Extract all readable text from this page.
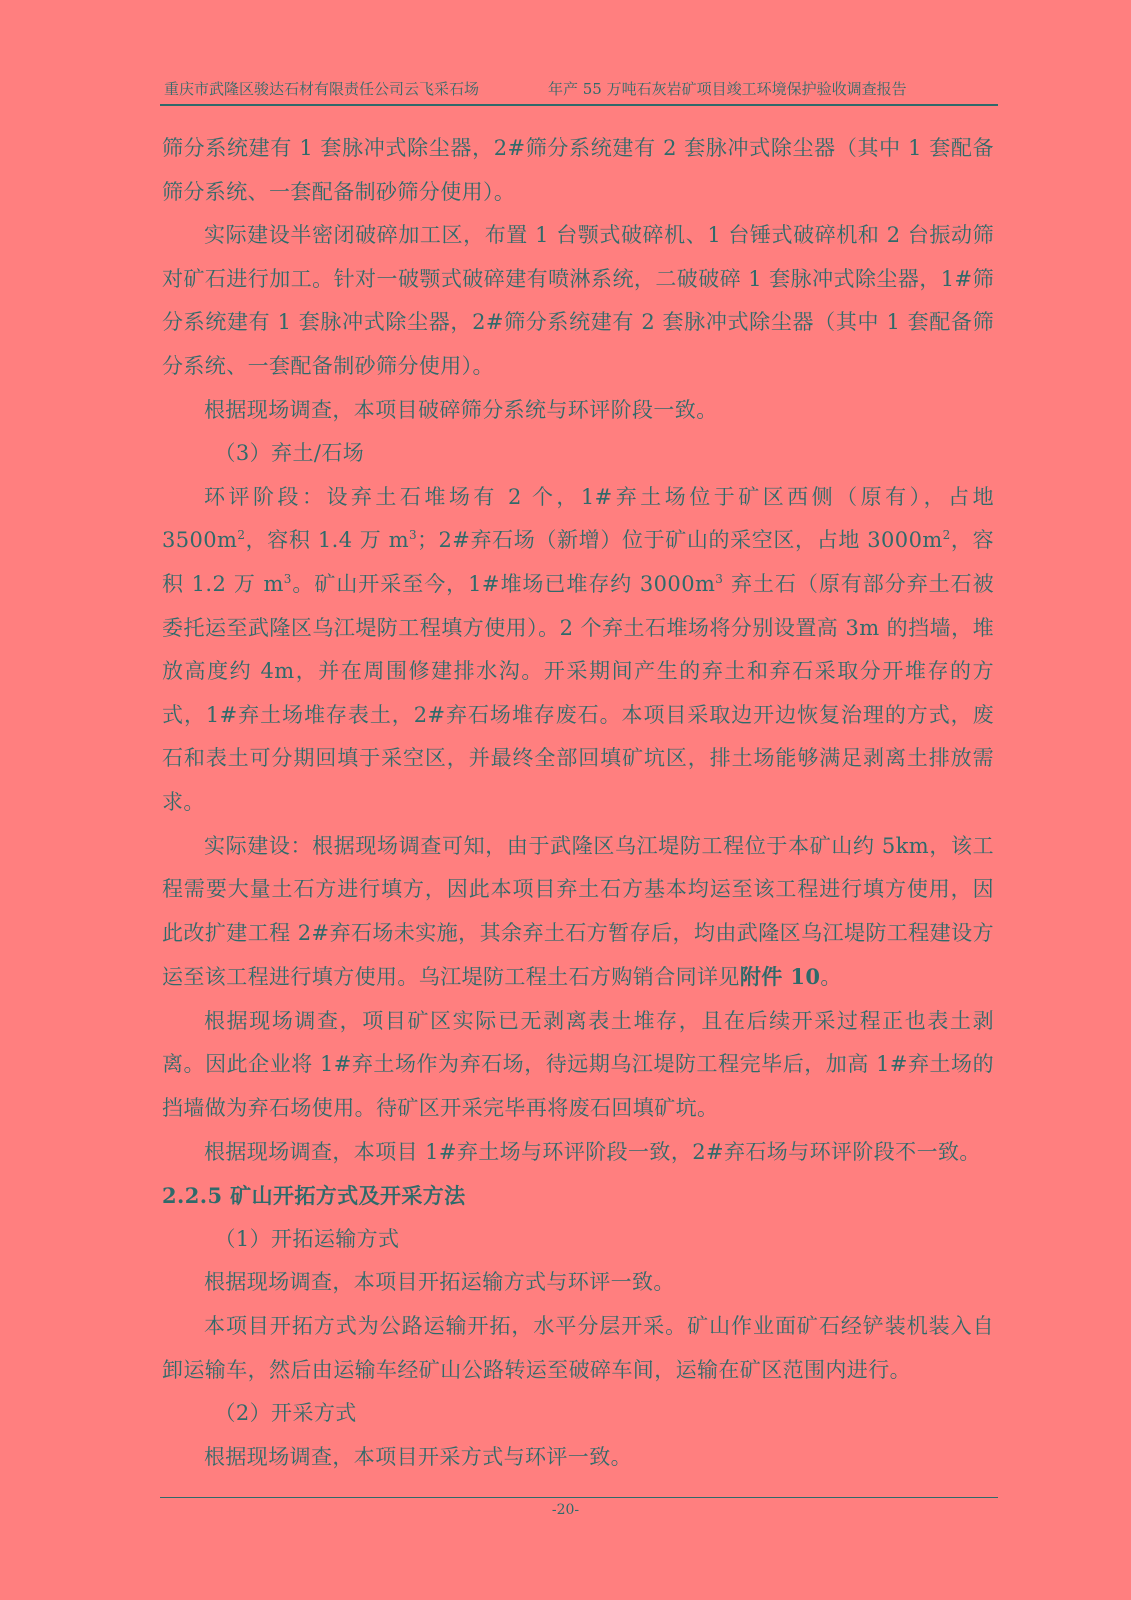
重庆市武隆区骏达石材有限责任公司云飞采石场	年产 55 万吨石灰岩矿项目竣工环境保护验收调查报告

筛分系统建有 1 套脉冲式除尘器，2#筛分系统建有 2 套脉冲式除尘器（其中 1 套配备筛分系统、一套配备制砂筛分使用）。

实际建设半密闭破碎加工区，布置 1 台颚式破碎机、1 台锤式破碎机和 2 台振动筛对矿石进行加工。针对一破颚式破碎建有喷淋系统，二破破碎 1 套脉冲式除尘器，1#筛分系统建有 1 套脉冲式除尘器，2#筛分系统建有 2 套脉冲式除尘器（其中 1 套配备筛分系统、一套配备制砂筛分使用）。

根据现场调查，本项目破碎筛分系统与环评阶段一致。

（3）弃土/石场

环评阶段：设弃土石堆场有 2 个，1#弃土场位于矿区西侧（原有），占地 $3500m^2$，容积 1.4 万 $m^3$；2#弃石场（新增）位于矿山的采空区，占地 $3000m^2$，容积 1.2 万 $m^3$。矿山开采至今，1#堆场已堆存约 $3000m^3$ 弃土石（原有部分弃土石被委托运至武隆区乌江堤防工程填方使用）。2 个弃土石堆场将分别设置高 3m 的挡墙，堆放高度约 4m，并在周围修建排水沟。开采期间产生的弃土和弃石采取分开堆存的方式，1#弃土场堆存表土，2#弃石场堆存废石。本项目采取边开边恢复治理的方式，废石和表土可分期回填于采空区，并最终全部回填矿坑区，排土场能够满足剥离土排放需求。

实际建设：根据现场调查可知，由于武隆区乌江堤防工程位于本矿山约 5km，该工程需要大量土石方进行填方，因此本项目弃土石方基本均运至该工程进行填方使用，因此改扩建工程 2#弃石场未实施，其余弃土石方暂存后，均由武隆区乌江堤防工程建设方运至该工程进行填方使用。乌江堤防工程土石方购销合同详见附件 10。

根据现场调查，项目矿区实际已无剥离表土堆存，且在后续开采过程正也表土剥离。因此企业将 1#弃土场作为弃石场，待远期乌江堤防工程完毕后，加高 1#弃土场的挡墙做为弃石场使用。待矿区开采完毕再将废石回填矿坑。

根据现场调查，本项目 1#弃土场与环评阶段一致，2#弃石场与环评阶段不一致。

2.2.5 矿山开拓方式及开采方法

（1）开拓运输方式

根据现场调查，本项目开拓运输方式与环评一致。

本项目开拓方式为公路运输开拓，水平分层开采。矿山作业面矿石经铲装机装入自卸运输车，然后由运输车经矿山公路转运至破碎车间，运输在矿区范围内进行。

（2）开采方式

根据现场调查，本项目开采方式与环评一致。

-20-
